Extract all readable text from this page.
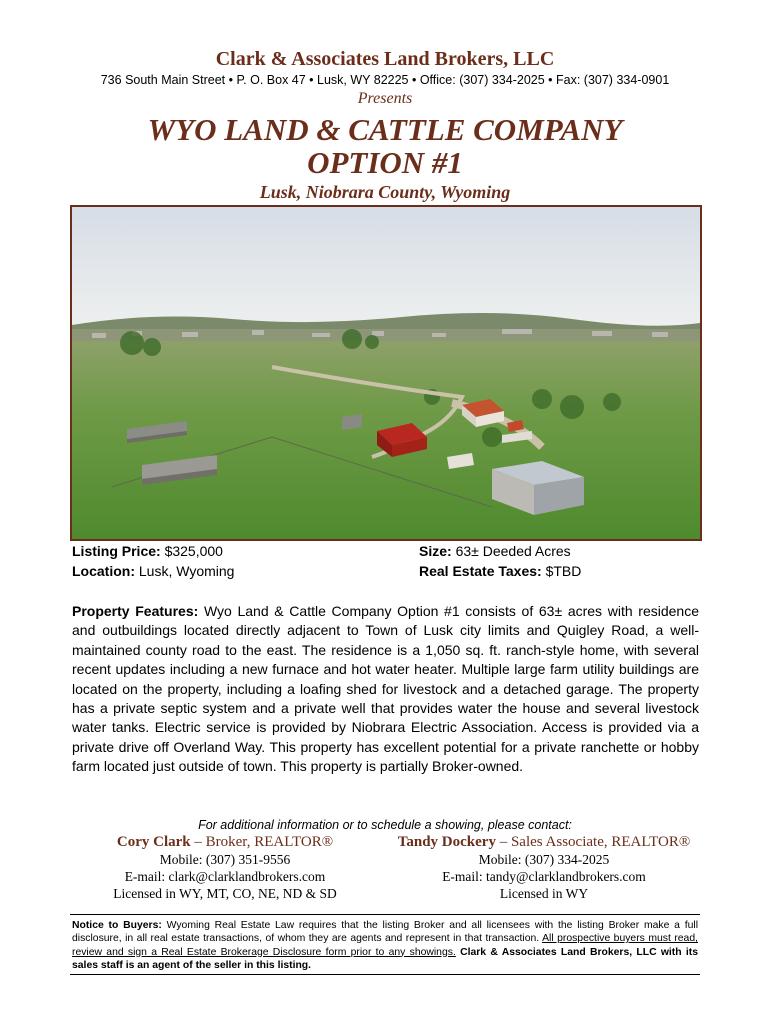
Clark & Associates Land Brokers, LLC
736 South Main Street • P. O. Box 47 • Lusk, WY 82225 • Office: (307) 334-2025 • Fax: (307) 334-0901
Presents
WYO LAND & CATTLE COMPANY
OPTION #1
Lusk, Niobrara County, Wyoming
Listing Price: $325,000
Location: Lusk, Wyoming
Size: 63± Deeded Acres
Real Estate Taxes: $TBD
Property Features: Wyo Land & Cattle Company Option #1 consists of 63± acres with residence and outbuildings located directly adjacent to Town of Lusk city limits and Quigley Road, a well-maintained county road to the east. The residence is a 1,050 sq. ft. ranch-style home, with several recent updates including a new furnace and hot water heater. Multiple large farm utility buildings are located on the property, including a loafing shed for livestock and a detached garage. The property has a private septic system and a private well that provides water the house and several livestock water tanks. Electric service is provided by Niobrara Electric Association. Access is provided via a private drive off Overland Way. This property has excellent potential for a private ranchette or hobby farm located just outside of town. This property is partially Broker-owned.
For additional information or to schedule a showing, please contact:
Cory Clark – Broker, REALTOR®
Mobile: (307) 351-9556
E-mail: clark@clarklandbrokers.com
Licensed in WY, MT, CO, NE, ND & SD
Tandy Dockery – Sales Associate, REALTOR®
Mobile: (307) 334-2025
E-mail: tandy@clarklandbrokers.com
Licensed in WY
Notice to Buyers: Wyoming Real Estate Law requires that the listing Broker and all licensees with the listing Broker make a full disclosure, in all real estate transactions, of whom they are agents and represent in that transaction. All prospective buyers must read, review and sign a Real Estate Brokerage Disclosure form prior to any showings. Clark & Associates Land Brokers, LLC with its sales staff is an agent of the seller in this listing.
